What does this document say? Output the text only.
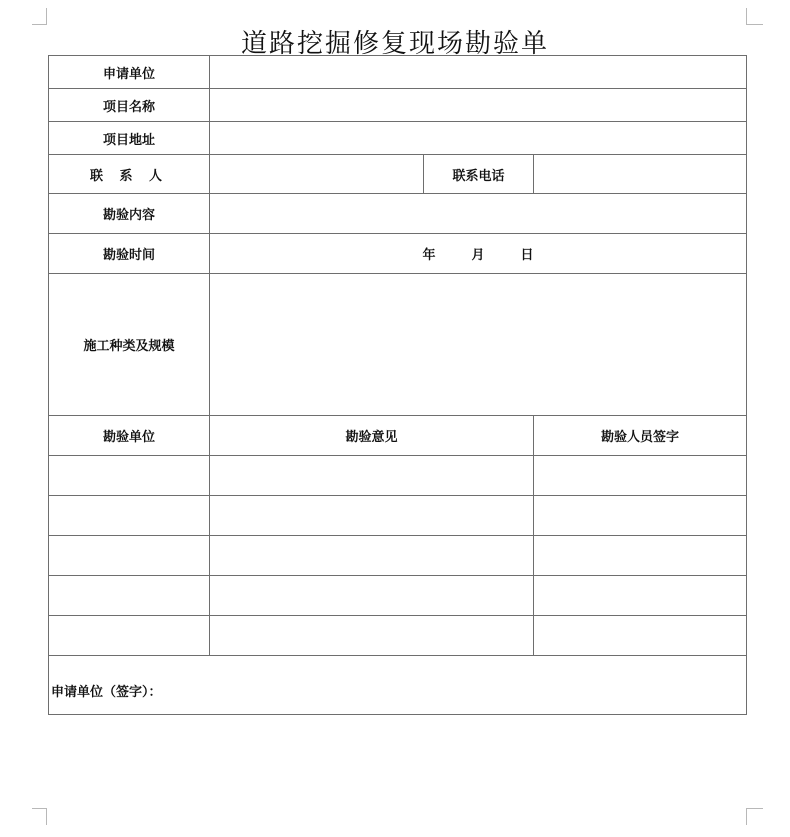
道路挖掘修复现场勘验单
申请单位			
项目名称			
项目地址			
联 系 人		联系电话	
勘验内容			
勘验时间	年 月 日		
施工种类及规模			
勘验单位	勘验意见		勘验人员签字

申请单位（签字）：			
